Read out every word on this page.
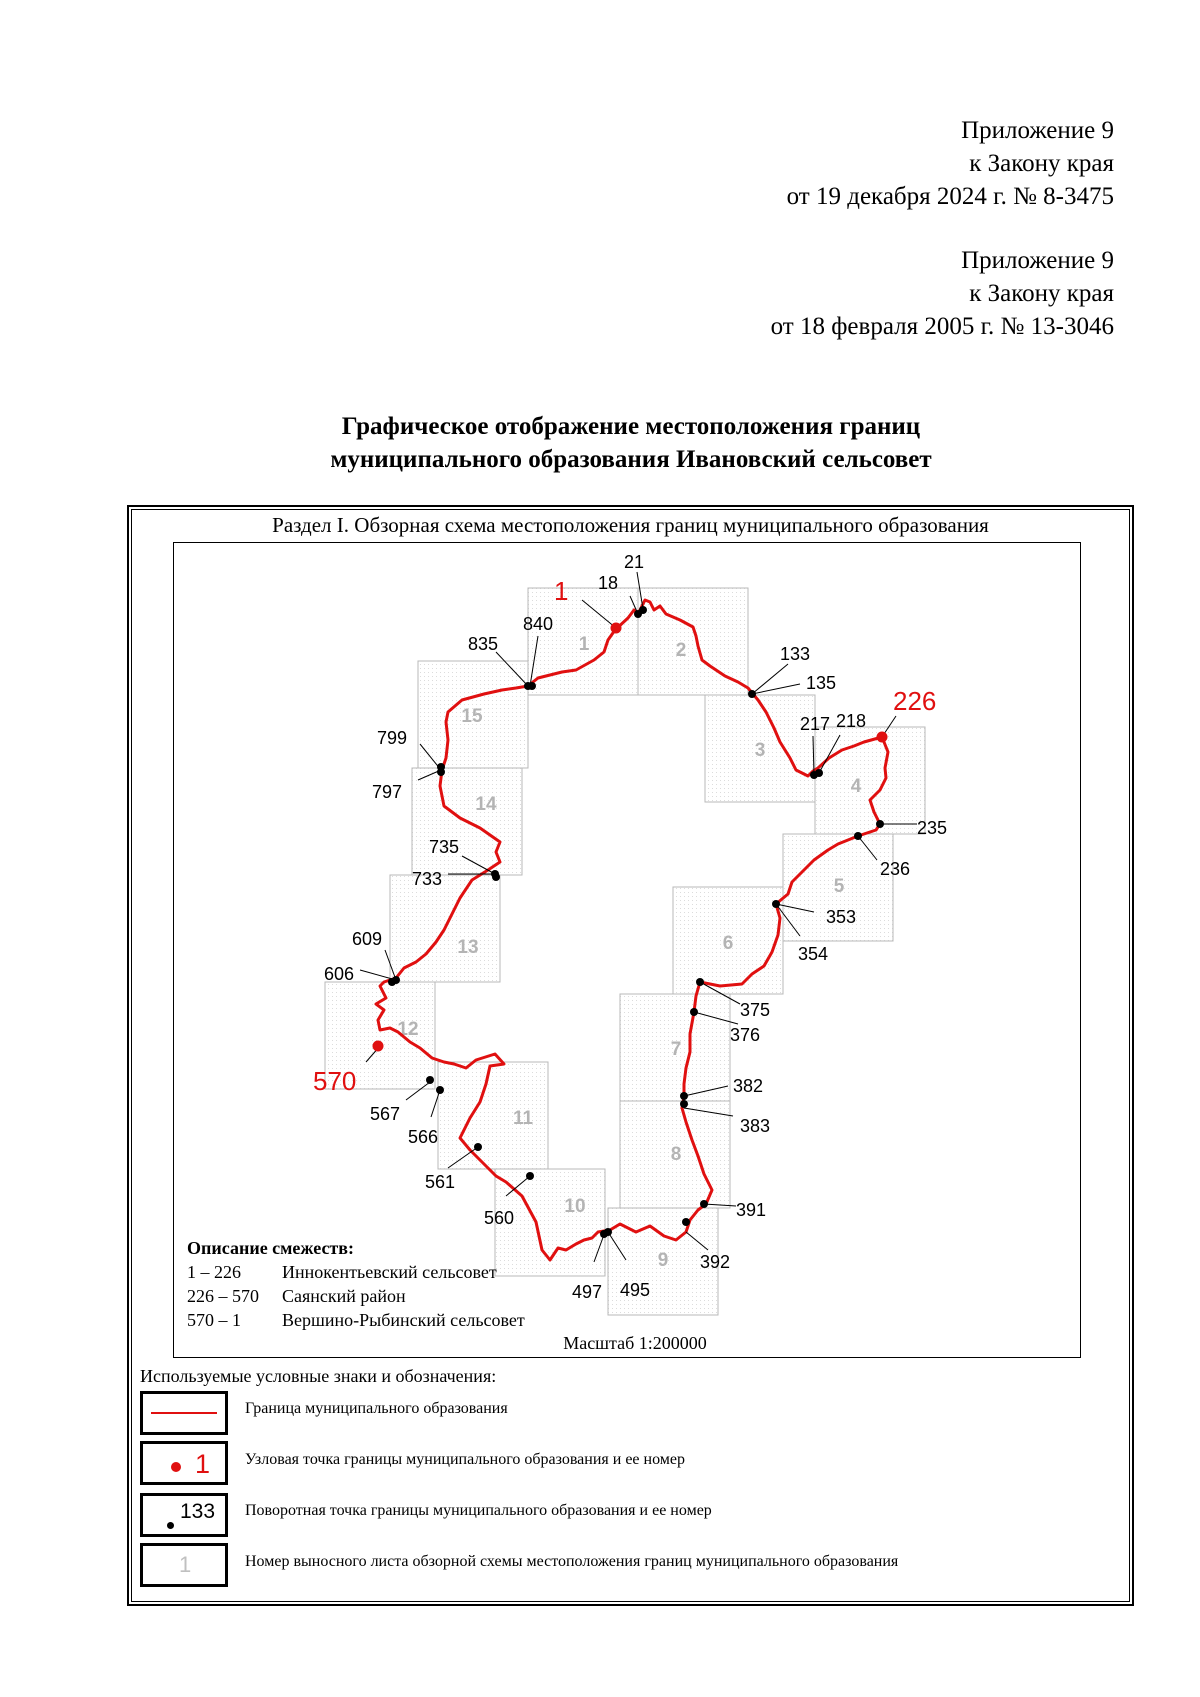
Приложение 9
к Закону края
от 19 декабря 2024 г. № 8-3475
Приложение 9
к Закону края
от 18 февраля 2005 г. № 13-3046
Графическое отображение местоположения границ
муниципального образования Ивановский сельсовет
Раздел I. Обзорная схема местоположения границ муниципального образования
1	2
3
4
5
6
7
8
9
10
11
12
13
14
15
1
226
570
18
21
133
135
217 218
235
236
353
354
375
376
382
383
391
392
495
497
560
561
566
567
606
609
733
735
797
799
835
840
Описание смежеств:
1 – 226 Иннокентьевский сельсовет
226 – 570 Саянский район
570 – 1 Вершино-Рыбинский сельсовет
Масштаб 1:200000
Используемые условные знаки и обозначения:
Граница муниципального образования
1 Узловая точка границы муниципального образования и ее номер
133 Поворотная точка границы муниципального образования и ее номер
1	Номер выносного листа обзорной схемы местоположения границ муниципального образования
